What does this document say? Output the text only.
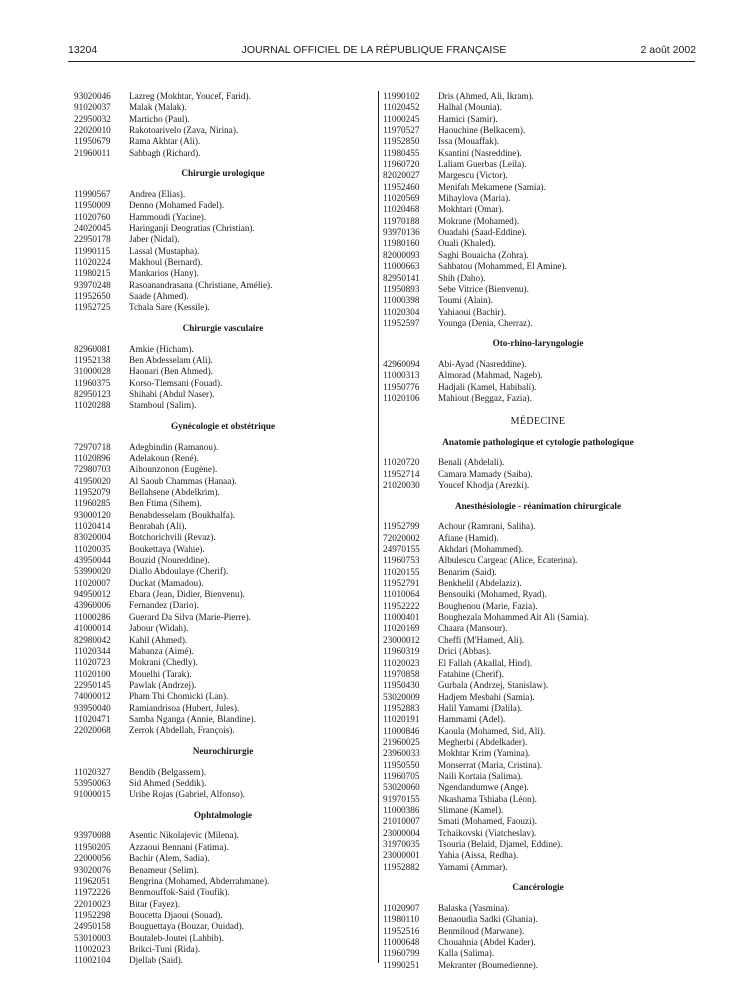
13204	JOURNAL OFFICIEL DE LA RÉPUBLIQUE FRANÇAISE	2 août 2002
93020046	Lazreg (Mokhtar, Youcef, Farid).
91020037	Malak (Malak).
22950032	Marticho (Paul).
22020010	Rakotoarivelo (Zava, Nirina).
11950679	Rama Akhtar (Ali).
21960011	Sabbagh (Richard).
Chirurgie urologique
11990567	Andrea (Elias).
11950009	Denno (Mohamed Fadel).
11020760	Hammoudi (Yacine).
24020045	Haringanji Deogratias (Christian).
22950178	Jaber (Nidal).
11990115	Lassal (Mustapha).
11020224	Makhoul (Bernard).
11980215	Mankarios (Hany).
93970248	Rasoanandrasana (Christiane, Amélie).
11952650	Saade (Ahmed).
11952725	Tchala Sare (Kessile).
Chirurgie vasculaire
82960081	Amkie (Hicham).
11952138	Ben Abdesselam (Ali).
31000028	Haouari (Ben Ahmed).
11960375	Korso-Tlemsani (Fouad).
82950123	Shihabi (Abdul Naser).
11020288	Stamboul (Salim).
Gynécologie et obstétrique
72970718	Adegbindin (Ramanou).
11020896	Adelakoun (René).
72980703	Aihounzonon (Eugène).
41950020	Al Saoub Chammas (Hanaa).
11952079	Bellahsene (Abdelkrim).
11960285	Ben Ftima (Sihem).
93000120	Benabdesselam (Boukhalfa).
11020414	Benrabah (Ali).
83020004	Botchorichvili (Revaz).
11020035	Boukettaya (Wahie).
43950044	Bouzid (Noureddine).
53990020	Diallo Abdoulaye (Cherif).
11020007	Duckat (Mamadou).
94950012	Ebara (Jean, Didier, Bienvenu).
43960006	Fernandez (Dario).
11000286	Guerard Da Silva (Marie-Pierre).
41000014	Jabour (Widah).
82980042	Kahil (Ahmed).
11020344	Mabanza (Aimé).
11020723	Mokrani (Chedly).
11020100	Mouelhi (Tarak).
22950145	Pawlak (Andrzej).
74000012	Pham Thi Chomicki (Lan).
93950040	Ramiandrisoa (Hubert, Jules).
11020471	Samba Nganga (Annie, Blandine).
22020068	Zerrok (Abdellah, François).
Neurochirurgie
11020327	Bendib (Belgassem).
53950063	Sid Ahmed (Seddik).
91000015	Uribe Rojas (Gabriel, Alfonso).
Ophtalmologie
93970088	Asentic Nikolajevic (Milena).
11950205	Azzaoui Bennani (Fatima).
22000056	Bachir (Alem, Sadia).
93020076	Benameur (Selim).
11962051	Bengrina (Mohamed, Abderrahmane).
11972226	Benmouffok-Said (Toufik).
22010023	Bitar (Fayez).
11952298	Boucetta Djaoui (Souad).
24950158	Bouguettaya (Bouzar, Ouidad).
53010003	Boutaleb-Joutei (Lahbib).
11002023	Brikci-Tuni (Rida).
11002104	Djellab (Said).
11990102	Dris (Ahmed, Ali, Ikram).
11020452	Halhal (Mounia).
11000245	Hamici (Samir).
11970527	Haouchine (Belkacem).
11952850	Issa (Mouaffak).
11980455	Ksantini (Nasreddine).
11960720	Laliam Guerbas (Leila).
82020027	Margescu (Victor).
11952460	Menifah Mekamene (Samia).
11020569	Mihaylova (Maria).
11020468	Mokhtari (Omar).
11970188	Mokrane (Mohamed).
93970136	Ouadahi (Saad-Eddine).
11980160	Ouali (Khaled).
82000093	Saghi Bouaicha (Zohra).
11000663	Sahbatou (Mohammed, El Amine).
82950141	Shih (Daho).
11950893	Sebe Vitrice (Bienvenu).
11000398	Toumi (Alain).
11020304	Yahiaoui (Bachir).
11952597	Younga (Denia, Cherraz).
Oto-rhino-laryngologie
42960094	Abi-Ayad (Nasreddine).
11000313	Almorad (Mahmad, Nageb).
11950776	Hadjali (Kamel, Habibali).
11020106	Mahiout (Beggaz, Fazia).
MÉDECINE
Anatomie pathologique et cytologie pathologique
11020720	Benali (Abdelali).
11952714	Camara Mamady (Saiba).
21020030	Youcef Khodja (Arezki).
Anesthésiologie - réanimation chirurgicale
11952799	Achour (Ramrani, Saliha).
72020002	Afiane (Hamid).
24970155	Akhdari (Mohammed).
11960753	Albulescu Cargeac (Alice, Ecaterina).
11020155	Benarim (Said).
11952791	Benkhelil (Abdelaziz).
11010064	Bensouiki (Mohamed, Ryad).
11952222	Boughenou (Marie, Fazia).
11000401	Boughezala Mohammed Ait Ali (Samia).
11020169	Chaara (Mansour).
23000012	Cheffi (M'Hamed, Ali).
11960319	Drici (Abbas).
11020023	El Fallah (Akallal, Hind).
11970858	Fatahine (Cherif).
11950430	Gurbala (Andrzej, Stanislaw).
53020009	Hadjem Mesbahi (Samia).
11952883	Halil Yamami (Dalila).
11020191	Hammami (Adel).
11000846	Kaoula (Mohamed, Sid, Ali).
21960025	Megherbi (Abdelkader).
23960033	Mokhtar Krim (Yamina).
11950550	Monserrat (Maria, Cristina).
11960705	Naili Kortaia (Salima).
53020060	Ngendandumwe (Ange).
91970155	Nkashama Tshiaba (Léon).
11000386	Slimane (Kamel).
21010007	Smati (Mohamed, Faouzi).
23000004	Tchaikovski (Viatcheslav).
31970035	Tsouria (Belaid, Djamel, Eddine).
23000001	Yahia (Aissa, Redha).
11952882	Yamami (Ammar).
Cancérologie
11020907	Balaska (Yasmina).
11980110	Benaoudia Sadki (Ghania).
11952516	Benmiloud (Marwane).
11000648	Chouahnia (Abdel Kader).
11960799	Kalla (Salima).
11990251	Mekranter (Boumedienne).
